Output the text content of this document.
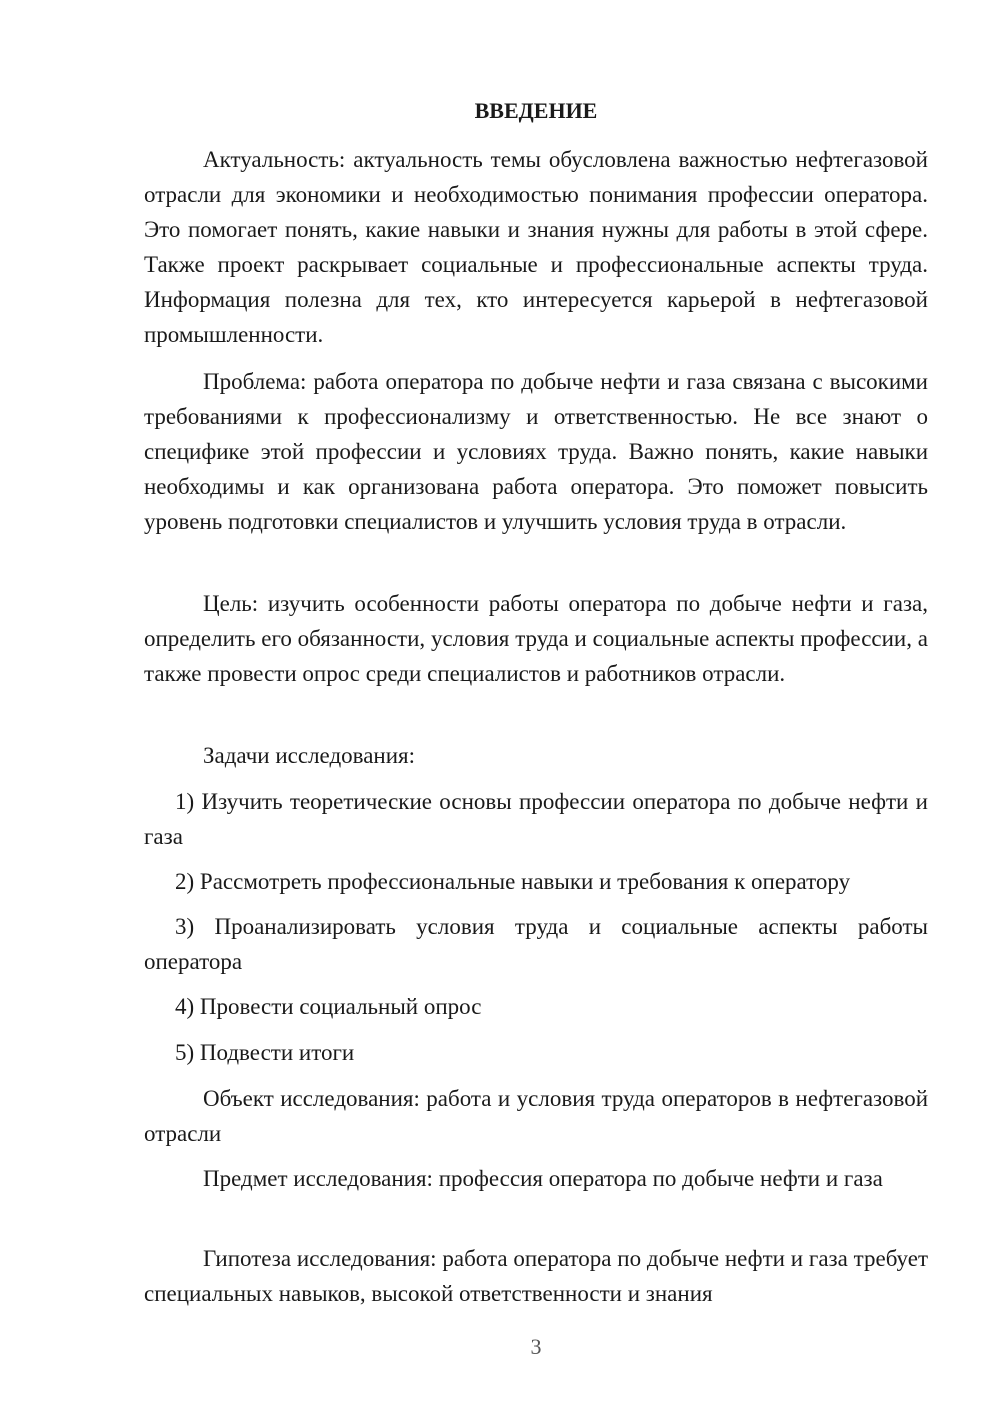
ВВЕДЕНИЕ

Актуальность: актуальность темы обусловлена важностью нефтегазовой отрасли для экономики и необходимостью понимания профессии оператора. Это помогает понять, какие навыки и знания нужны для работы в этой сфере. Также проект раскрывает социальные и профессиональные аспекты труда. Информация полезна для тех, кто интересуется карьерой в нефтегазовой промышленности.

Проблема: работа оператора по добыче нефти и газа связана с высокими требованиями к профессионализму и ответственностью. Не все знают о специфике этой профессии и условиях труда. Важно понять, какие навыки необходимы и как организована работа оператора. Это поможет повысить уровень подготовки специалистов и улучшить условия труда в отрасли.

Цель: изучить особенности работы оператора по добыче нефти и газа, определить его обязанности, условия труда и социальные аспекты профессии, а также провести опрос среди специалистов и работников отрасли.

Задачи исследования:

1) Изучить теоретические основы профессии оператора по добыче нефти и газа

2) Рассмотреть профессиональные навыки и требования к оператору

3) Проанализировать условия труда и социальные аспекты работы оператора

4) Провести социальный опрос

5) Подвести итоги

Объект исследования: работа и условия труда операторов в нефтегазовой отрасли

Предмет исследования: профессия оператора по добыче нефти и газа

Гипотеза исследования: работа оператора по добыче нефти и газа требует специальных навыков, высокой ответственности и знания

3
